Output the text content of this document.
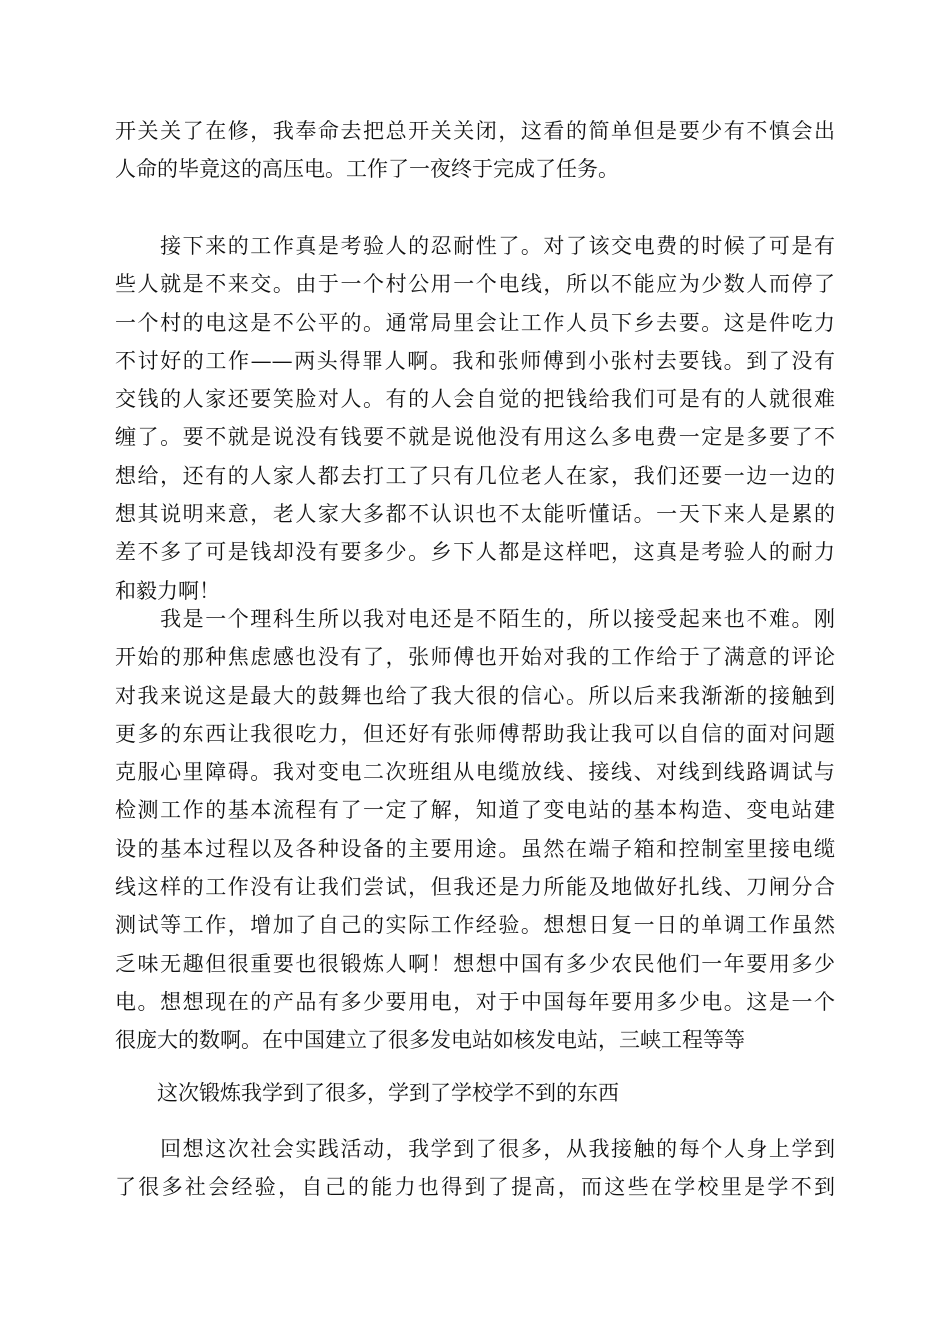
开关关了在修，我奉命去把总开关关闭，这看的简单但是要少有不慎会出
人命的毕竟这的高压电。工作了一夜终于完成了任务。
　　接下来的工作真是考验人的忍耐性了。对了该交电费的时候了可是有
些人就是不来交。由于一个村公用一个电线，所以不能应为少数人而停了
一个村的电这是不公平的。通常局里会让工作人员下乡去要。这是件吃力
不讨好的工作——两头得罪人啊。我和张师傅到小张村去要钱。到了没有
交钱的人家还要笑脸对人。有的人会自觉的把钱给我们可是有的人就很难
缠了。要不就是说没有钱要不就是说他没有用这么多电费一定是多要了不
想给，还有的人家人都去打工了只有几位老人在家，我们还要一边一边的
想其说明来意，老人家大多都不认识也不太能听懂话。一天下来人是累的
差不多了可是钱却没有要多少。乡下人都是这样吧，这真是考验人的耐力
和毅力啊！
　　我是一个理科生所以我对电还是不陌生的，所以接受起来也不难。刚
开始的那种焦虑感也没有了，张师傅也开始对我的工作给于了满意的评论
对我来说这是最大的鼓舞也给了我大很的信心。所以后来我渐渐的接触到
更多的东西让我很吃力，但还好有张师傅帮助我让我可以自信的面对问题
克服心里障碍。我对变电二次班组从电缆放线、接线、对线到线路调试与
检测工作的基本流程有了一定了解，知道了变电站的基本构造、变电站建
设的基本过程以及各种设备的主要用途。虽然在端子箱和控制室里接电缆
线这样的工作没有让我们尝试，但我还是力所能及地做好扎线、刀闸分合
测试等工作，增加了自己的实际工作经验。想想日复一日的单调工作虽然
乏味无趣但很重要也很锻炼人啊！想想中国有多少农民他们一年要用多少
电。想想现在的产品有多少要用电，对于中国每年要用多少电。这是一个
很庞大的数啊。在中国建立了很多发电站如核发电站，三峡工程等等
　　这次锻炼我学到了很多，学到了学校学不到的东西
　　回想这次社会实践活动，我学到了很多，从我接触的每个人身上学到
了很多社会经验，自己的能力也得到了提高，而这些在学校里是学不到
